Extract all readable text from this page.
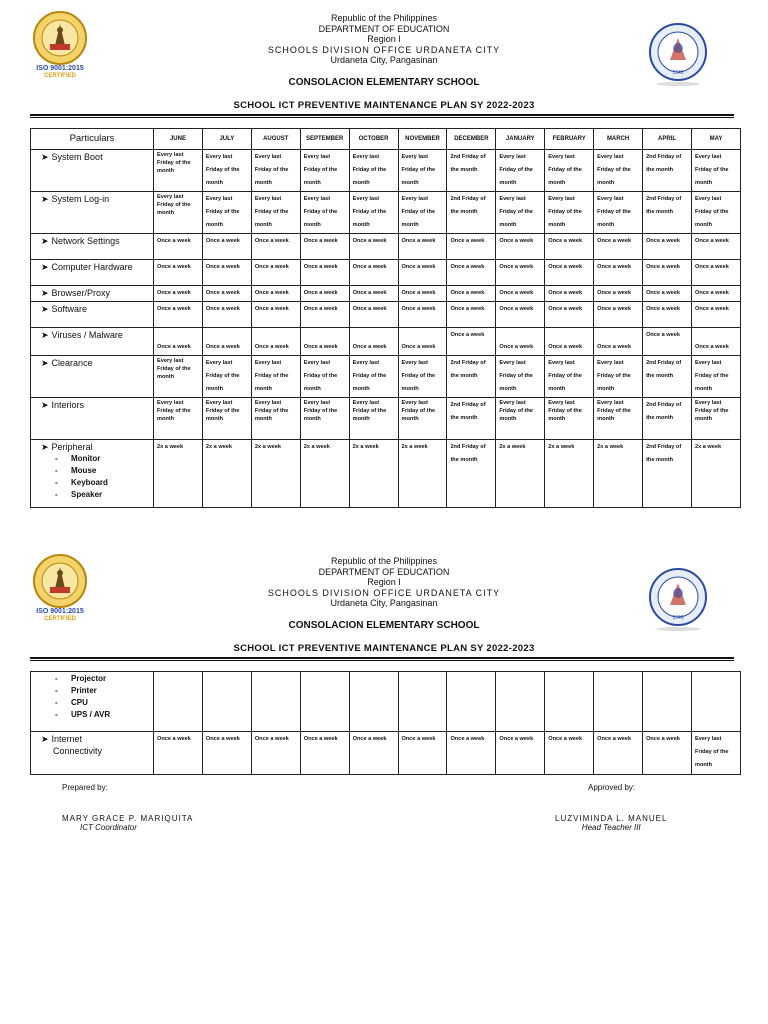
ISO 9001:2015
CERTIFIED
Republic of the Philippines
DEPARTMENT OF EDUCATION
Region I
SCHOOLS DIVISION OFFICE URDANETA CITY
Urdaneta City, Pangasinan
1946
CONSOLACION ELEMENTARY SCHOOL
SCHOOL ICT PREVENTIVE MAINTENANCE PLAN SY 2022-2023
Particulars	JUNE	JULY	AUGUST	SEPTEMBER	OCTOBER	NOVEMBER	DECEMBER	JANUARY	FEBRUARY	MARCH	APRIL	MAY
➤ System Boot	Every last Friday of the month	Every last Friday of the month	Every last Friday of the month	Every last Friday of the month	Every last Friday of the month	Every last Friday of the month	2nd Friday of the month	Every last Friday of the month	Every last Friday of the month	Every last Friday of the month	2nd Friday of the month	Every last Friday of the month
➤ System Log-in	Every last Friday of the month	Every last Friday of the month	Every last Friday of the month	Every last Friday of the month	Every last Friday of the month	Every last Friday of the month	2nd Friday of the month	Every last Friday of the month	Every last Friday of the month	Every last Friday of the month	2nd Friday of the month	Every last Friday of the month
➤ Network Settings	Once a week	Once a week	Once a week	Once a week	Once a week	Once a week	Once a week	Once a week	Once a week	Once a week	Once a week	Once a week
➤ Computer Hardware	Once a week	Once a week	Once a week	Once a week	Once a week	Once a week	Once a week	Once a week	Once a week	Once a week	Once a week	Once a week
➤ Browser/Proxy	Once a week	Once a week	Once a week	Once a week	Once a week	Once a week	Once a week	Once a week	Once a week	Once a week	Once a week	Once a week
➤ Software	Once a week	Once a week	Once a week	Once a week	Once a week	Once a week	Once a week	Once a week	Once a week	Once a week	Once a week	Once a week
➤ Viruses / Malware	Once a week	Once a week	Once a week	Once a week	Once a week	Once a week	Once a week	Once a week	Once a week	Once a week	Once a week	Once a week
➤ Clearance	Every last Friday of the month	Every last Friday of the month	Every last Friday of the month	Every last Friday of the month	Every last Friday of the month	Every last Friday of the month	2nd Friday of the month	Every last Friday of the month	Every last Friday of the month	Every last Friday of the month	2nd Friday of the month	Every last Friday of the month
➤ Interiors	Every last Friday of the month	Every last Friday of the month	Every last Friday of the month	Every last Friday of the month	Every last Friday of the month	Every last Friday of the month	2nd Friday of the month	Every last Friday of the month	Every last Friday of the month	Every last Friday of the month	2nd Friday of the month	Every last Friday of the month
➤ Peripheral
- Monitor
- Mouse
- Keyboard
- Speaker	2x a week	2x a week	2x a week	2x a week	2x a week	2x a week	2nd Friday of the month	2x a week	2x a week	2x a week	2nd Friday of the month	2x a week
ISO 9001:2015
CERTIFIED
Republic of the Philippines
DEPARTMENT OF EDUCATION
Region I
SCHOOLS DIVISION OFFICE URDANETA CITY
Urdaneta City, Pangasinan
1946
CONSOLACION ELEMENTARY SCHOOL
SCHOOL ICT PREVENTIVE MAINTENANCE PLAN SY 2022-2023
- Projector
- Printer
- CPU
- UPS / AVR												

➤ Internet
Connectivity	Once a week	Once a week	Once a week	Once a week	Once a week	Once a week	Once a week	Once a week	Once a week	Once a week	Once a week	Every last Friday of the month
Prepared by:
MARY GRACE P. MARIQUITA
ICT Coordinator
Approved by:
LUZVIMINDA L. MANUEL
Head Teacher III
